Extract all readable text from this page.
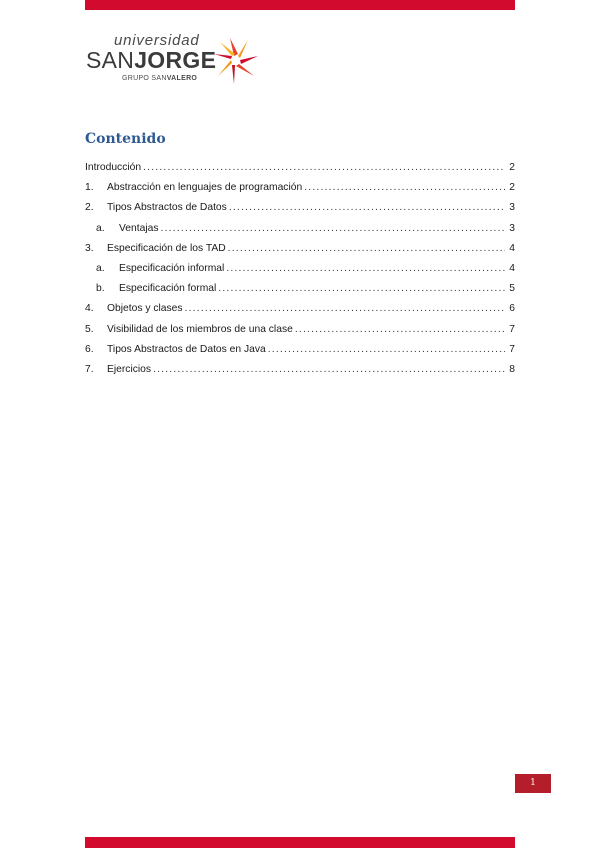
universidad
SANJORGE
GRUPO SANVALERO
Contenido
Introducción .....	2
1.	Abstracción en lenguajes de programación .....	2
2.	Tipos Abstractos de Datos .....	3
a.	Ventajas .....	3
3.	Especificación de los TAD .....	4
a.	Especificación informal .....	4
b.	Especificación formal .....	5
4.	Objetos y clases .....	6
5.	Visibilidad de los miembros de una clase .....	7
6.	Tipos Abstractos de Datos en Java .....	7
7.	Ejercicios .....	8
1
